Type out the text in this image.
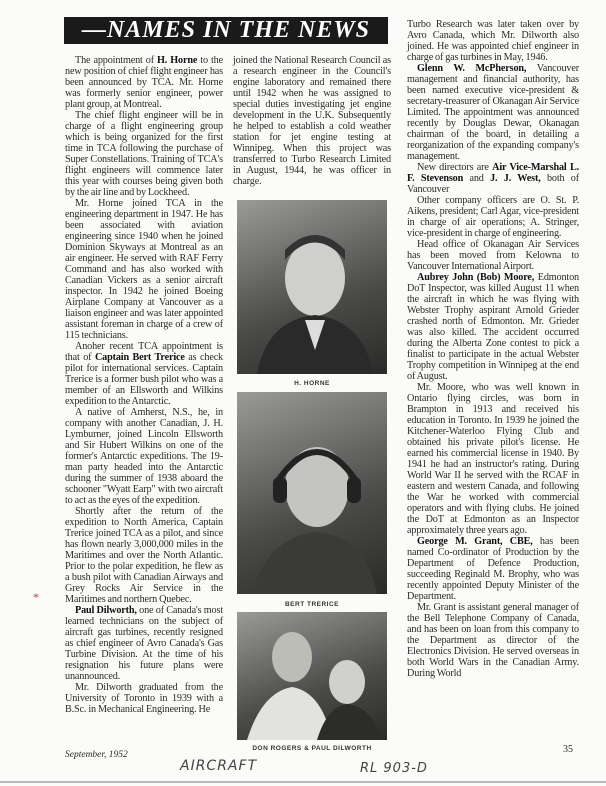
—NAMES IN THE NEWS

The appointment of H. Horne to the new position of chief flight engineer has been announced by TCA. Mr. Horne was formerly senior engineer, power plant group, at Montreal.

The chief flight engineer will be in charge of a flight engineering group which is being organized for the first time in TCA following the purchase of Super Constellations. Training of TCA's flight engineers will commence later this year with courses being given both by the air line and by Lockheed.

Mr. Horne joined TCA in the engineering department in 1947. He has been associated with aviation engineering since 1940 when he joined Dominion Skyways at Montreal as an air engineer. He served with RAF Ferry Command and has also worked with Canadian Vickers as a senior aircraft inspector. In 1942 he joined Boeing Airplane Company at Vancouver as a liaison engineer and was later appointed assistant foreman in charge of a crew of 115 technicians.

Anoher recent TCA appointment is that of Captain Bert Trerice as check pilot for international services. Captain Trerice is a former bush pilot who was a member of an Ellsworth and Wilkins expedition to the Antarctic.

A native of Amherst, N.S., he, in company with another Canadian, J. H. Lymburner, joined Lincoln Ellsworth and Sir Hubert Wilkins on one of the former's Antarctic expeditions. The 19-man party headed into the Antarctic during the summer of 1938 aboard the schooner "Wyatt Earp" with two aircraft to act as the eyes of the expedition.

Shortly after the return of the expedition to North America, Captain Trerice joined TCA as a pilot, and since has flown nearly 3,000,000 miles in the Maritimes and over the North Atlantic. Prior to the polar expedition, he flew as a bush pilot with Canadian Airways and Grey Rocks Air Service in the Maritimes and northern Quebec.

Paul Dilworth, one of Canada's most learned technicians on the subject of aircraft gas turbines, recently resigned as chief engineer of Avro Canada's Gas Turbine Division. At the time of his resignation his future plans were unannounced.

Mr. Dilworth graduated from the University of Toronto in 1939 with a B.Sc. in Mechanical Engineering. He

joined the National Research Council as a research engineer in the Council's engine laboratory and remained there until 1942 when he was assigned to special duties investigating jet engine development in the U.K. Subsequently he helped to establish a cold weather station for jet engine testing at Winnipeg. When this project was transferred to Turbo Research Limited in August, 1944, he was officer in charge.

Turbo Research was later taken over by Avro Canada, which Mr. Dilworth also joined. He was appointed chief engineer in charge of gas turbines in May, 1946.

Glenn W. McPherson, Vancouver management and financial authority, has been named executive vice-president & secretary-treasurer of Okanagan Air Service Limited. The appointment was announced recently by Douglas Dewar, Okanagan chairman of the board, in detailing a reorganization of the expanding company's management.

New directors are Air Vice-Marshal L. F. Stevenson and J. J. West, both of Vancouver

Other company officers are O. St. P. Aikens, president; Carl Agar, vice-president in charge of air operations; A. Stringer, vice-president in charge of engineering.

Head office of Okanagan Air Services has been moved from Kelowna to Vancouver International Airport.

Aubrey John (Bob) Moore, Edmonton DoT Inspector, was killed August 11 when the aircraft in which he was flying with Webster Trophy aspirant Arnold Grieder crashed north of Edmonton. Mr. Grieder was also killed. The accident occurred during the Alberta Zone contest to pick a finalist to participate in the actual Webster Trophy competition in Winnipeg at the end of August.

Mr. Moore, who was well known in Ontario flying circles, was born in Brampton in 1913 and received his education in Toronto. In 1939 he joined the Kitchener-Waterloo Flying Club and obtained his private pilot's license. He earned his commercial license in 1940. By 1941 he had an instructor's rating. During World War II he served with the RCAF in eastern and western Canada, and following the War he worked with commercial operators and with flying clubs. He joined the DoT at Edmonton as an Inspector approximately three years ago.

George M. Grant, CBE, has been named Co-ordinator of Production by the Department of Defence Production, succeeding Reginald M. Brophy, who was recently appointed Deputy Minister of the Department.

Mr. Grant is assistant general manager of the Bell Telephone Company of Canada, and has been on loan from this company to the Department as director of the Electronics Division. He served overseas in both World Wars in the Canadian Army. During World

H. HORNE
BERT TRERICE
DON ROGERS & PAUL DILWORTH
*
September, 1952
AIRCRAFT	RL 903-D
35
